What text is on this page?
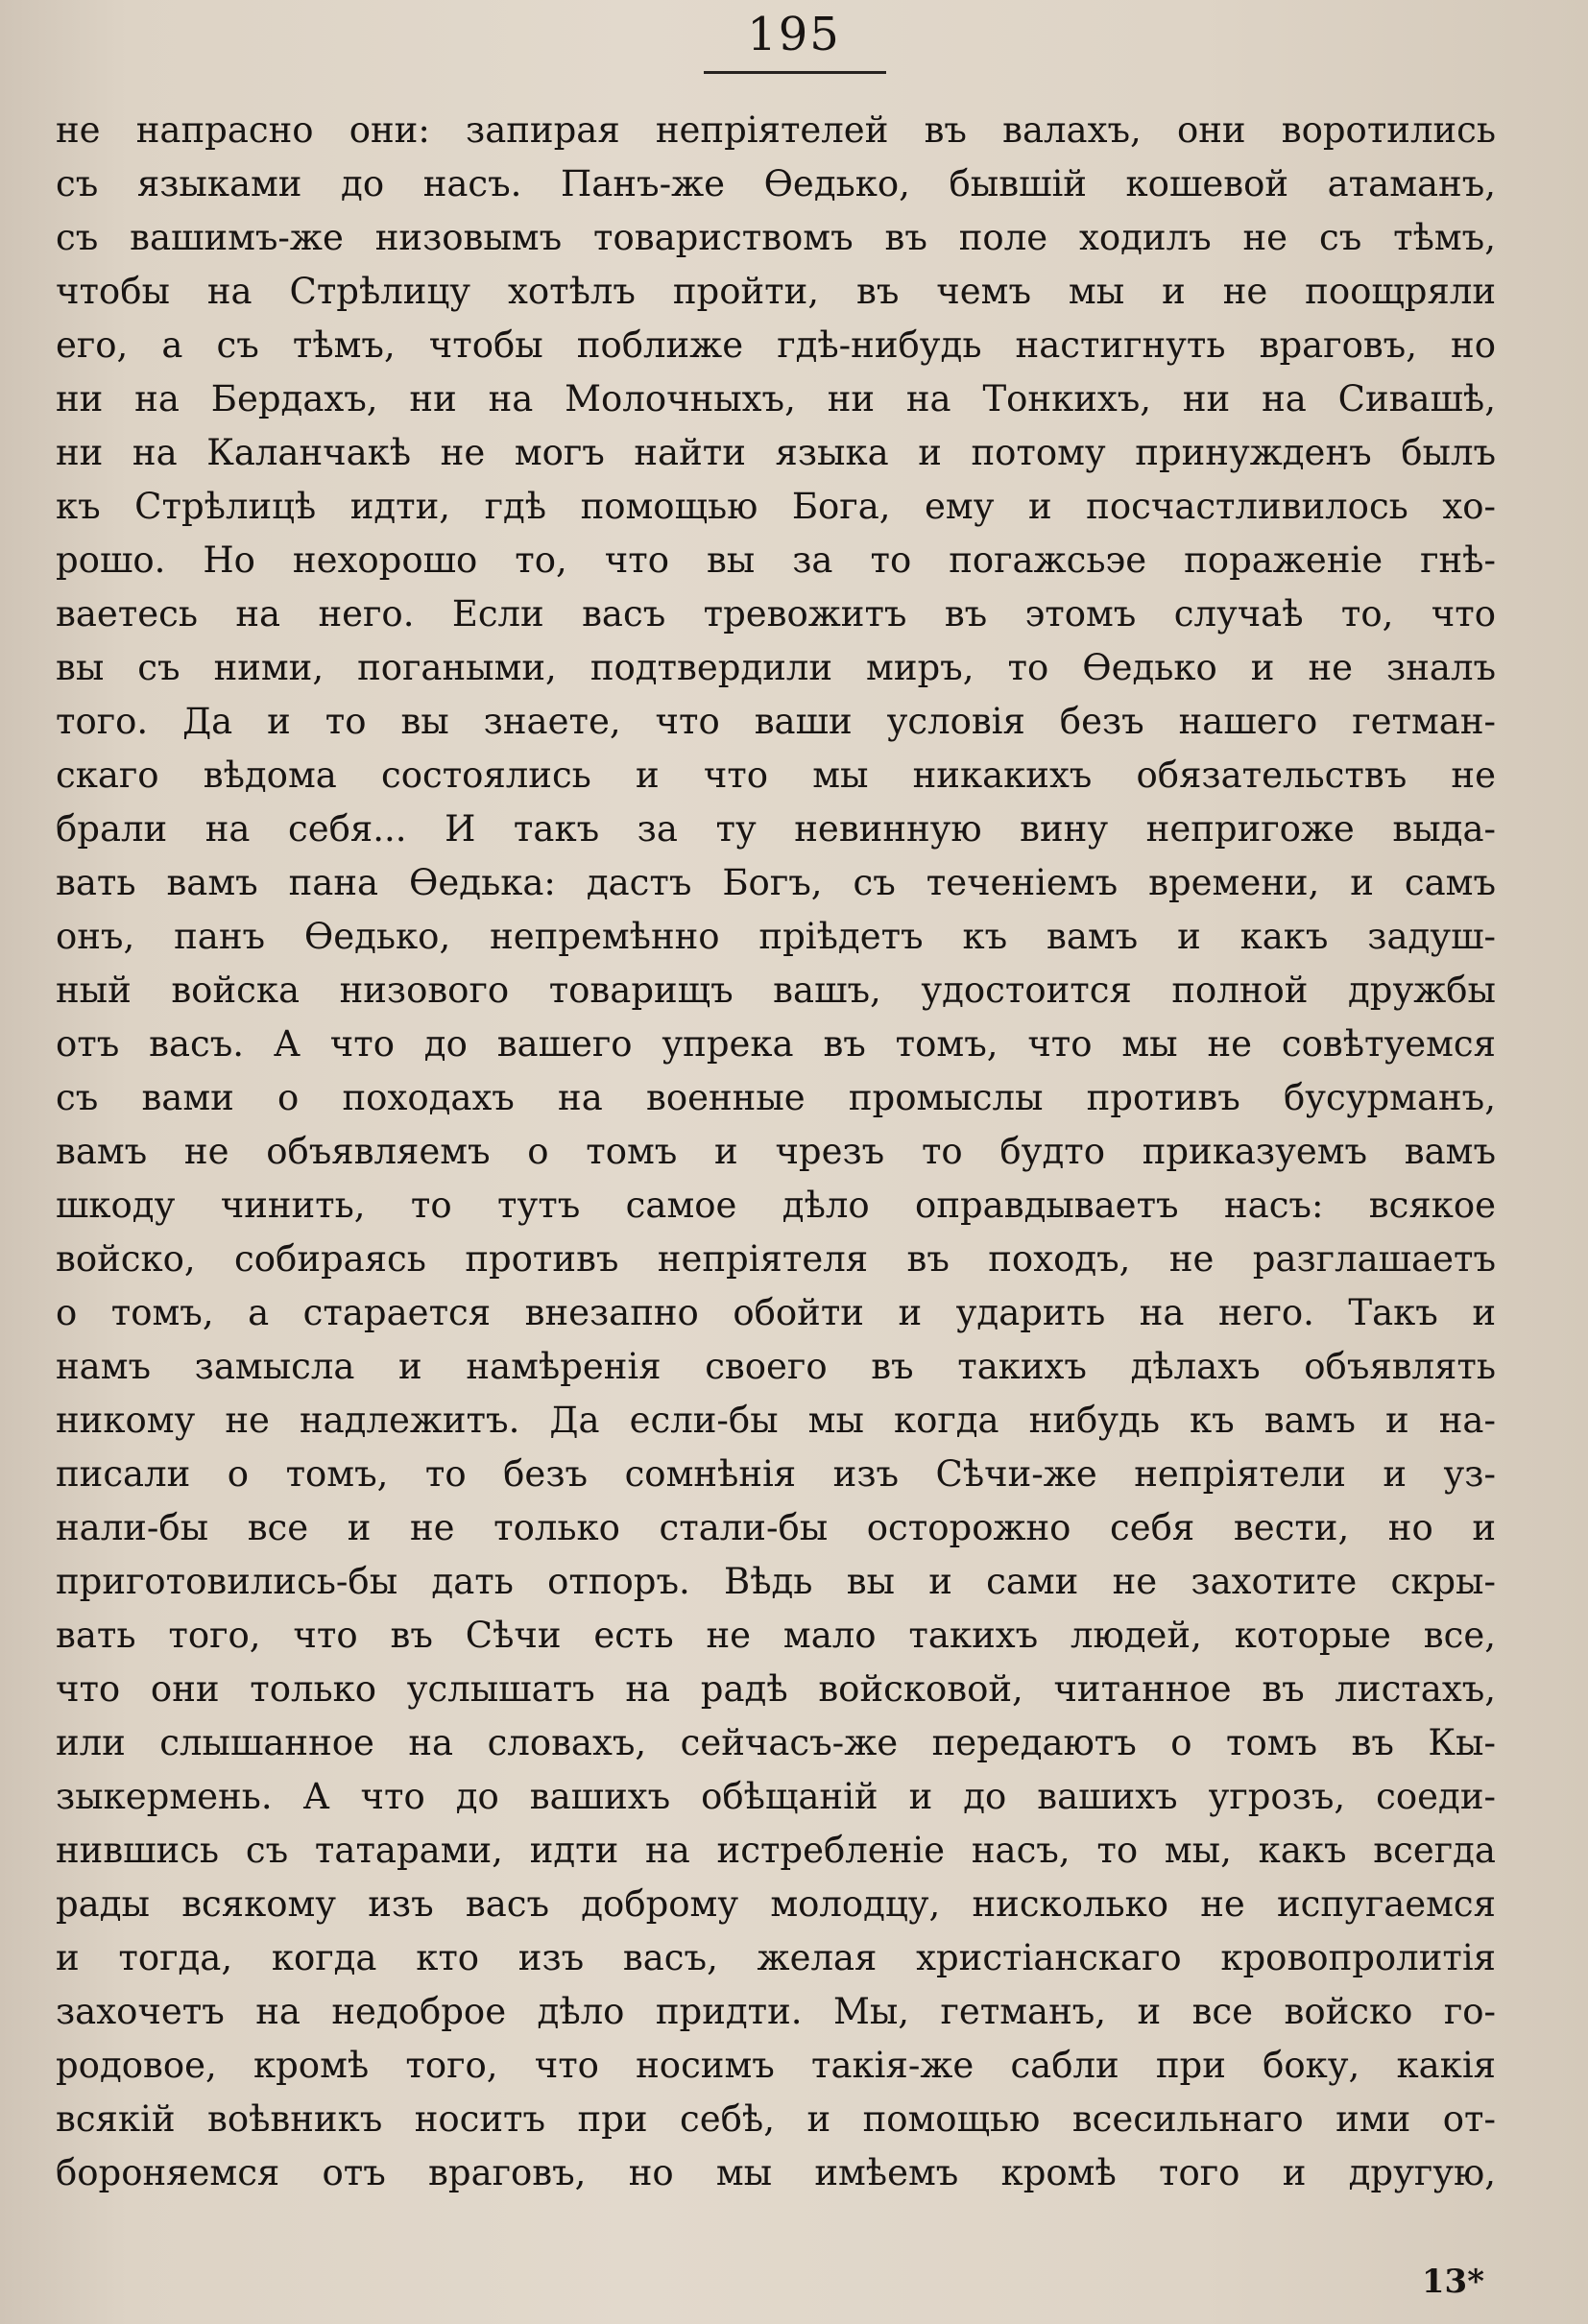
195
не напрасно они: запирая непріятелей въ валахъ, они воротились
съ языками до насъ. Панъ-же Өедько, бывшій кошевой атаманъ,
съ вашимъ-же низовымъ товариствомъ въ поле ходилъ не съ тѣмъ,
чтобы на Стрѣлицу хотѣлъ пройти, въ чемъ мы и не поощряли
его, а съ тѣмъ, чтобы поближе гдѣ-нибудь настигнуть враговъ, но
ни на Бердахъ, ни на Молочныхъ, ни на Тонкихъ, ни на Сивашѣ,
ни на Каланчакѣ не могъ найти языка и потому принужденъ былъ
къ Стрѣлицѣ идти, гдѣ помощью Бога, ему и посчастливилось хо-
рошо. Но нехорошо то, что вы за то погажсьэе пораженіе гнѣ-
ваетесь на него. Если васъ тревожитъ въ этомъ случаѣ то, что
вы съ ними, погаными, подтвердили миръ, то Өедько и не зналъ
того. Да и то вы знаете, что ваши условія безъ нашего гетман-
скаго вѣдома состоялись и что мы никакихъ обязательствъ не
брали на себя... И такъ за ту невинную вину непригоже выда-
вать вамъ пана Өедька: дастъ Богъ, съ теченіемъ времени, и самъ
онъ, панъ Өедько, непремѣнно пріѣдетъ къ вамъ и какъ задуш-
ный войска низового товарищъ вашъ, удостоится полной дружбы
отъ васъ. А что до вашего упрека въ томъ, что мы не совѣтуемся
съ вами о походахъ на военные промыслы противъ бусурманъ,
вамъ не объявляемъ о томъ и чрезъ то будто приказуемъ вамъ
шкоду чинить, то тутъ самое дѣло оправдываетъ насъ: всякое
войско, собираясь противъ непріятеля въ походъ, не разглашаетъ
о томъ, а старается внезапно обойти и ударить на него. Такъ и
намъ замысла и намѣренія своего въ такихъ дѣлахъ объявлять
никому не надлежитъ. Да если-бы мы когда нибудь къ вамъ и на-
писали о томъ, то безъ сомнѣнія изъ Сѣчи-же непріятели и уз-
нали-бы все и не только стали-бы осторожно себя вести, но и
приготовились-бы дать отпоръ. Вѣдь вы и сами не захотите скры-
вать того, что въ Сѣчи есть не мало такихъ людей, которые все,
что они только услышатъ на радѣ войсковой, читанное въ листахъ,
или слышанное на словахъ, сейчасъ-же передаютъ о томъ въ Кы-
зыкермень. А что до вашихъ обѣщаній и до вашихъ угрозъ, соеди-
нившись съ татарами, идти на истребленіе насъ, то мы, какъ всегда
рады всякому изъ васъ доброму молодцу, нисколько не испугаемся
и тогда, когда кто изъ васъ, желая христіанскаго кровопролитія
захочетъ на недоброе дѣло придти. Мы, гетманъ, и все войско го-
родовое, кромѣ того, что носимъ такія-же сабли при боку, какія
всякій воѣвникъ носитъ при себѣ, и помощью всесильнаго ими от-
бороняемся отъ враговъ, но мы имѣемъ кромѣ того и другую,
13*
